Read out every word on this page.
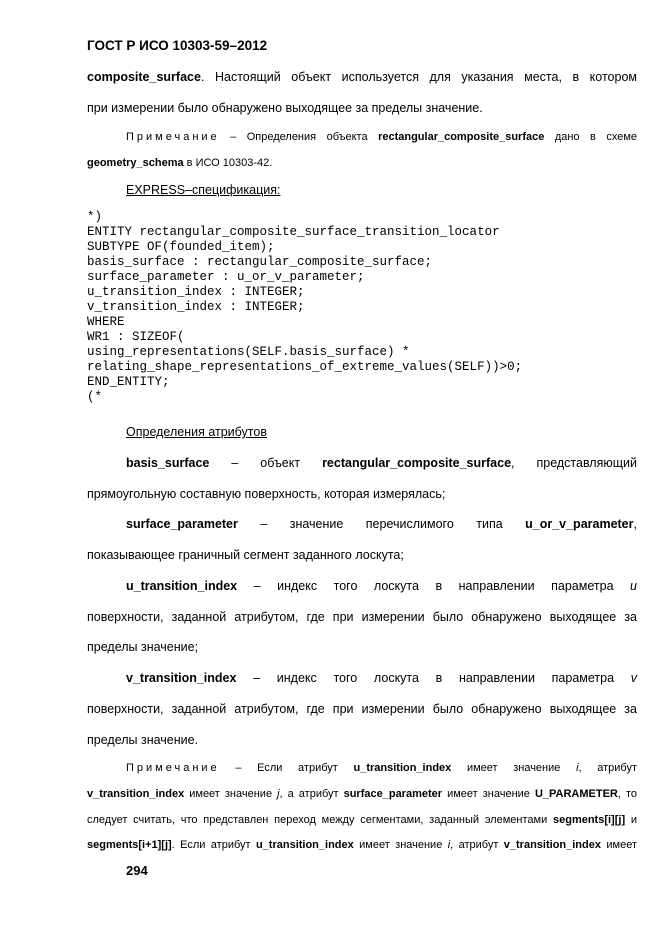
ГОСТ Р ИСО 10303-59–2012
composite_surface. Настоящий объект используется для указания места, в котором
при измерении было обнаружено выходящее за пределы значение.
Примечание – Определения объекта rectangular_composite_surface дано в схеме
geometry_schema в ИСО 10303-42.
EXPRESS–спецификация:
*)
ENTITY rectangular_composite_surface_transition_locator
SUBTYPE OF(founded_item);
basis_surface : rectangular_composite_surface;
surface_parameter : u_or_v_parameter;
u_transition_index : INTEGER;
v_transition_index : INTEGER;
WHERE
WR1 : SIZEOF(
using_representations(SELF.basis_surface) *
relating_shape_representations_of_extreme_values(SELF))>0;
END_ENTITY;
(*
Определения атрибутов
basis_surface – объект rectangular_composite_surface, представляющий
прямоугольную составную поверхность, которая измерялась;
surface_parameter – значение перечислимого типа u_or_v_parameter,
показывающее граничный сегмент заданного лоскута;
u_transition_index – индекс того лоскута в направлении параметра u
поверхности, заданной атрибутом, где при измерении было обнаружено выходящее за
пределы значение;
v_transition_index – индекс того лоскута в направлении параметра v
поверхности, заданной атрибутом, где при измерении было обнаружено выходящее за
пределы значение.
Примечание – Если атрибут u_transition_index имеет значение i, атрибут
v_transition_index имеет значение j, а атрибут surface_parameter имеет значение U_PARAMETER, то
следует считать, что представлен переход между сегментами, заданный элементами segments[i][j] и
segments[i+1][j]. Если атрибут u_transition_index имеет значение i, атрибут v_transition_index имеет
294
